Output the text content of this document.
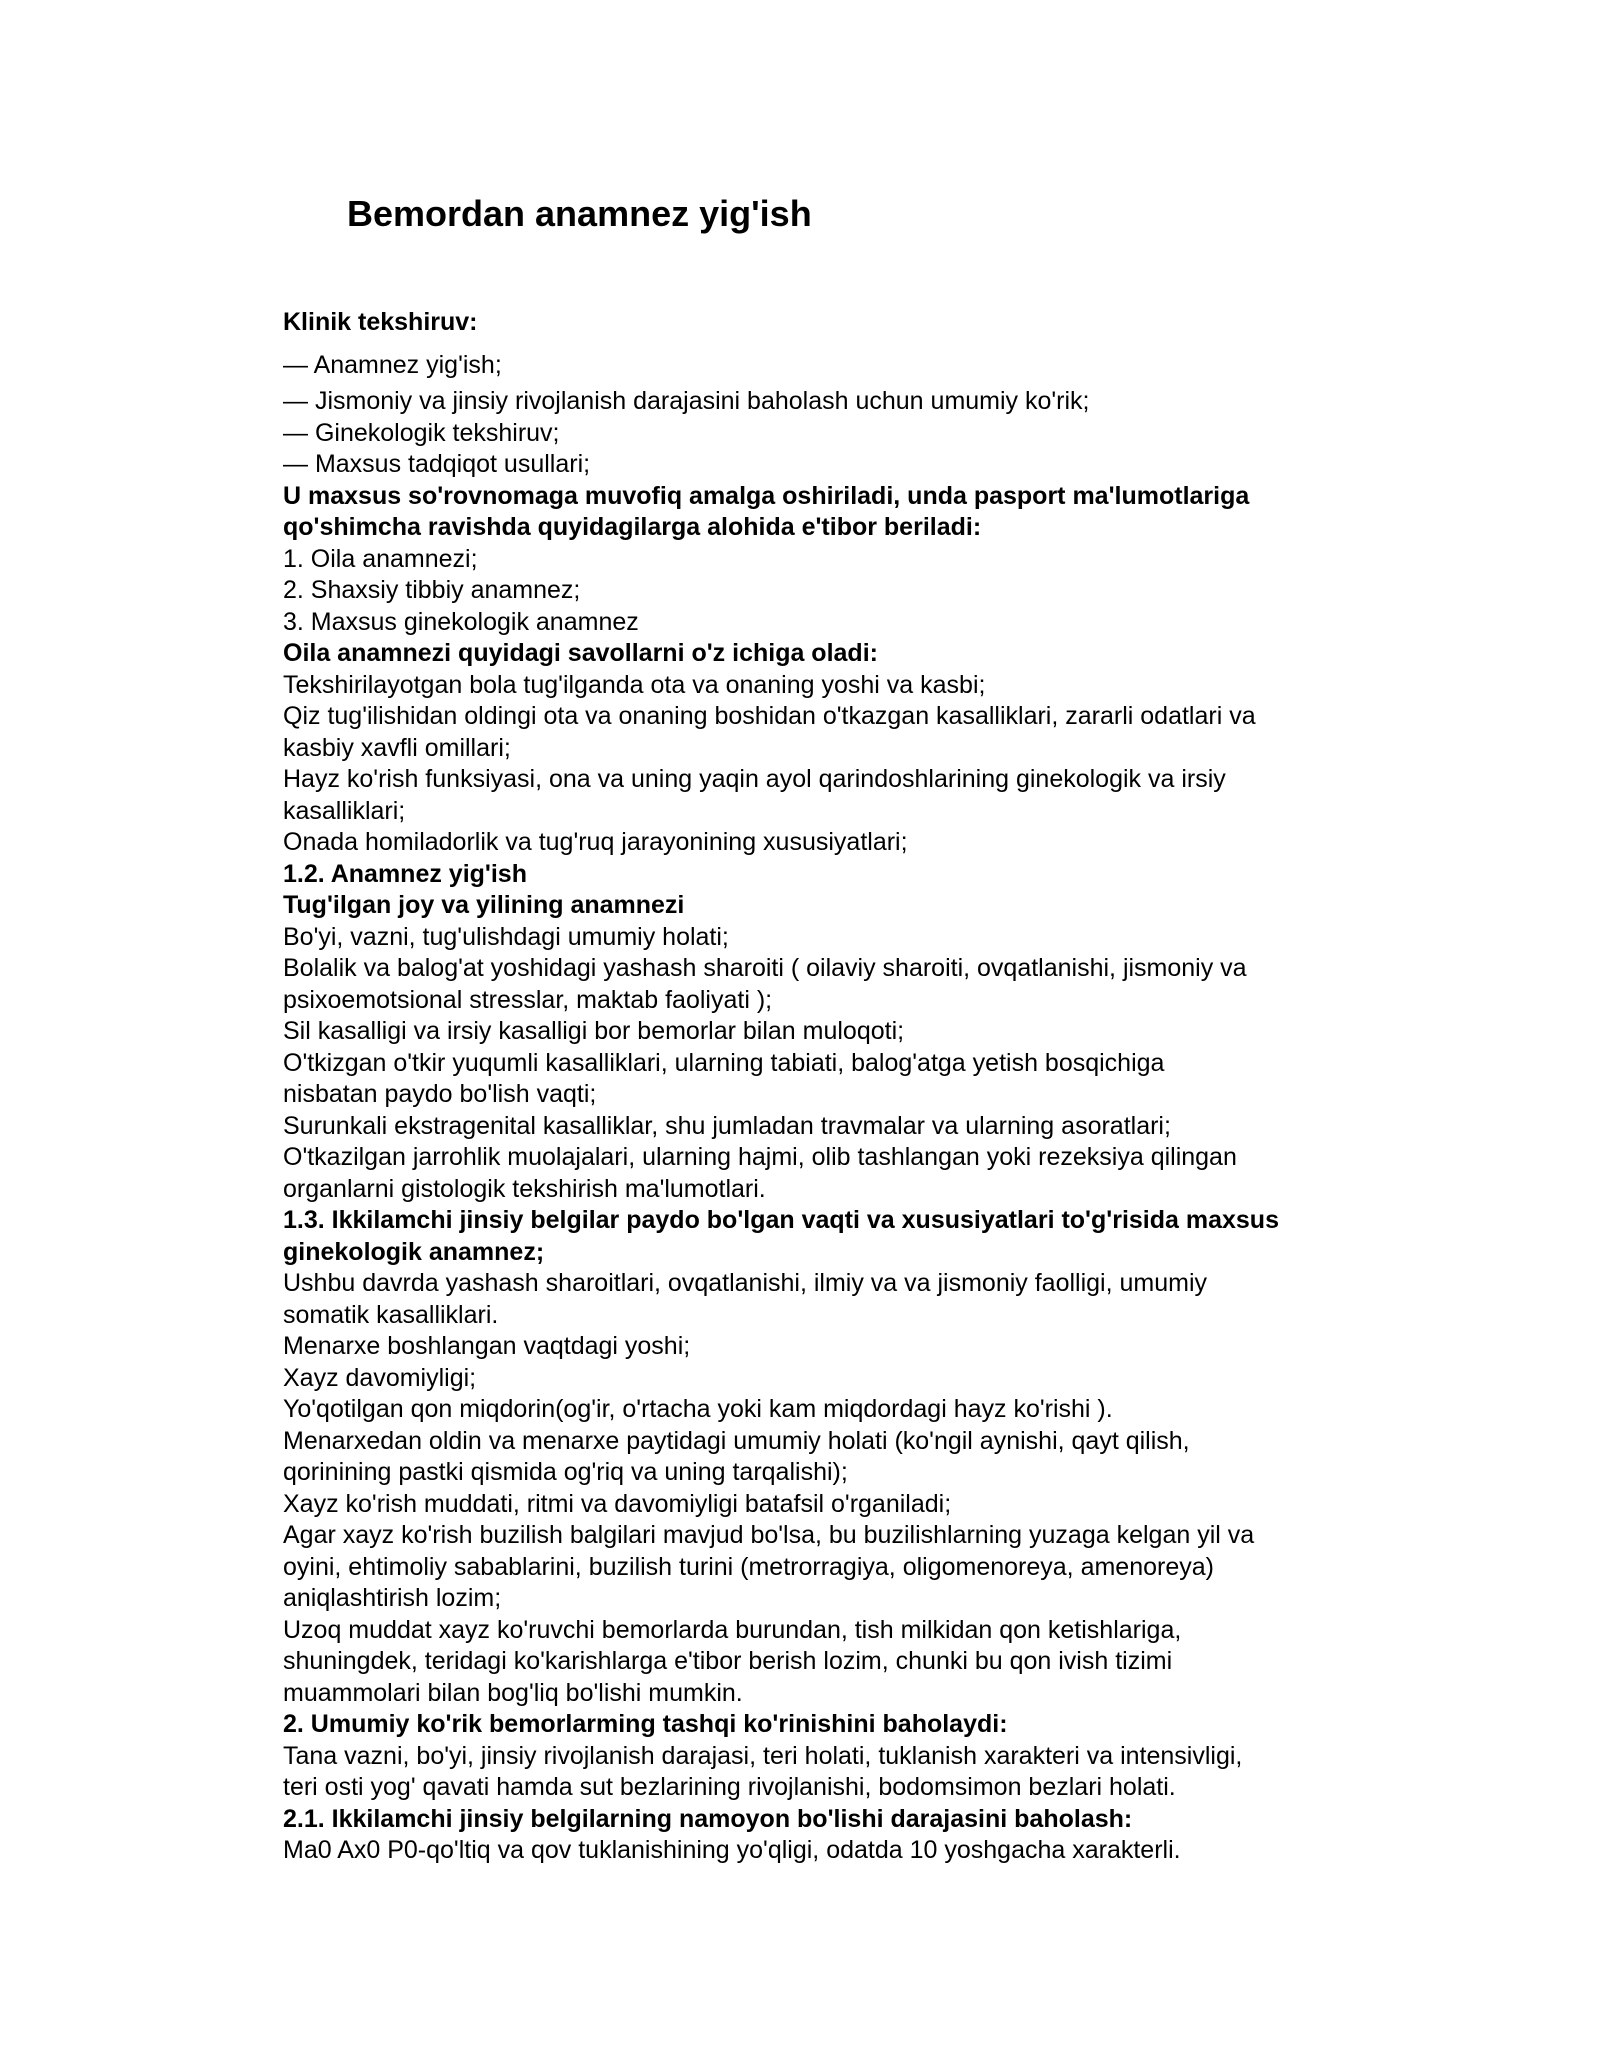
Bemordan anamnez yig'ish

Klinik tekshiruv:

— Anamnez yig'ish;

— Jismoniy va jinsiy rivojlanish darajasini baholash uchun umumiy ko'rik;

— Ginekologik tekshiruv;

— Maxsus tadqiqot usullari;

U maxsus so'rovnomaga muvofiq amalga oshiriladi, unda pasport ma'lumotlariga

qo'shimcha ravishda quyidagilarga alohida e'tibor beriladi:

1. Oila anamnezi;

2. Shaxsiy tibbiy anamnez;

3. Maxsus ginekologik anamnez

Oila anamnezi quyidagi savollarni o'z ichiga oladi:

Tekshirilayotgan bola tug'ilganda ota va onaning yoshi va kasbi;

Qiz tug'ilishidan oldingi ota va onaning boshidan o'tkazgan kasalliklari, zararli odatlari va

kasbiy xavfli omillari;

Hayz ko'rish funksiyasi, ona va uning yaqin ayol qarindoshlarining ginekologik va irsiy

kasalliklari;

Onada homiladorlik va tug'ruq jarayonining xususiyatlari;

1.2. Anamnez yig'ish

Tug'ilgan joy va yilining anamnezi

Bo'yi, vazni, tug'ulishdagi umumiy holati;

Bolalik va balog'at yoshidagi yashash sharoiti ( oilaviy sharoiti, ovqatlanishi, jismoniy va

psixoemotsional stresslar, maktab faoliyati );

Sil kasalligi va irsiy kasalligi bor bemorlar bilan muloqoti;

O'tkizgan o'tkir yuqumli kasalliklari, ularning tabiati, balog'atga yetish bosqichiga

nisbatan paydo bo'lish vaqti;

Surunkali ekstragenital kasalliklar, shu jumladan travmalar va ularning asoratlari;

O'tkazilgan jarrohlik muolajalari, ularning hajmi, olib tashlangan yoki rezeksiya qilingan

organlarni gistologik tekshirish ma'lumotlari.

1.3. Ikkilamchi jinsiy belgilar paydo bo'lgan vaqti va xususiyatlari to'g'risida maxsus

ginekologik anamnez;

Ushbu davrda yashash sharoitlari, ovqatlanishi, ilmiy va va jismoniy faolligi, umumiy

somatik kasalliklari.

Menarxe boshlangan vaqtdagi yoshi;

Xayz davomiyligi;

Yo'qotilgan qon miqdorin(og'ir, o'rtacha yoki kam miqdordagi hayz ko'rishi ).

Menarxedan oldin va menarxe paytidagi umumiy holati (ko'ngil aynishi, qayt qilish,

qorinining pastki qismida og'riq va uning tarqalishi);

Xayz ko'rish muddati, ritmi va davomiyligi batafsil o'rganiladi;

Agar xayz ko'rish buzilish balgilari mavjud bo'lsa, bu buzilishlarning yuzaga kelgan yil va

oyini, ehtimoliy sabablarini, buzilish turini (metrorragiya, oligomenoreya, amenoreya)

aniqlashtirish lozim;

Uzoq muddat xayz ko'ruvchi bemorlarda burundan, tish milkidan qon ketishlariga,

shuningdek, teridagi ko'karishlarga e'tibor berish lozim, chunki bu qon ivish tizimi

muammolari bilan bog'liq bo'lishi mumkin.

2. Umumiy ko'rik bemorlarming tashqi ko'rinishini baholaydi:

Tana vazni, bo'yi, jinsiy rivojlanish darajasi, teri holati, tuklanish xarakteri va intensivligi,

teri osti yog' qavati hamda sut bezlarining rivojlanishi, bodomsimon bezlari holati.

2.1. Ikkilamchi jinsiy belgilarning namoyon bo'lishi darajasini baholash:

Ma0 Ax0 P0-qo'ltiq va qov tuklanishining yo'qligi, odatda 10 yoshgacha xarakterli.
